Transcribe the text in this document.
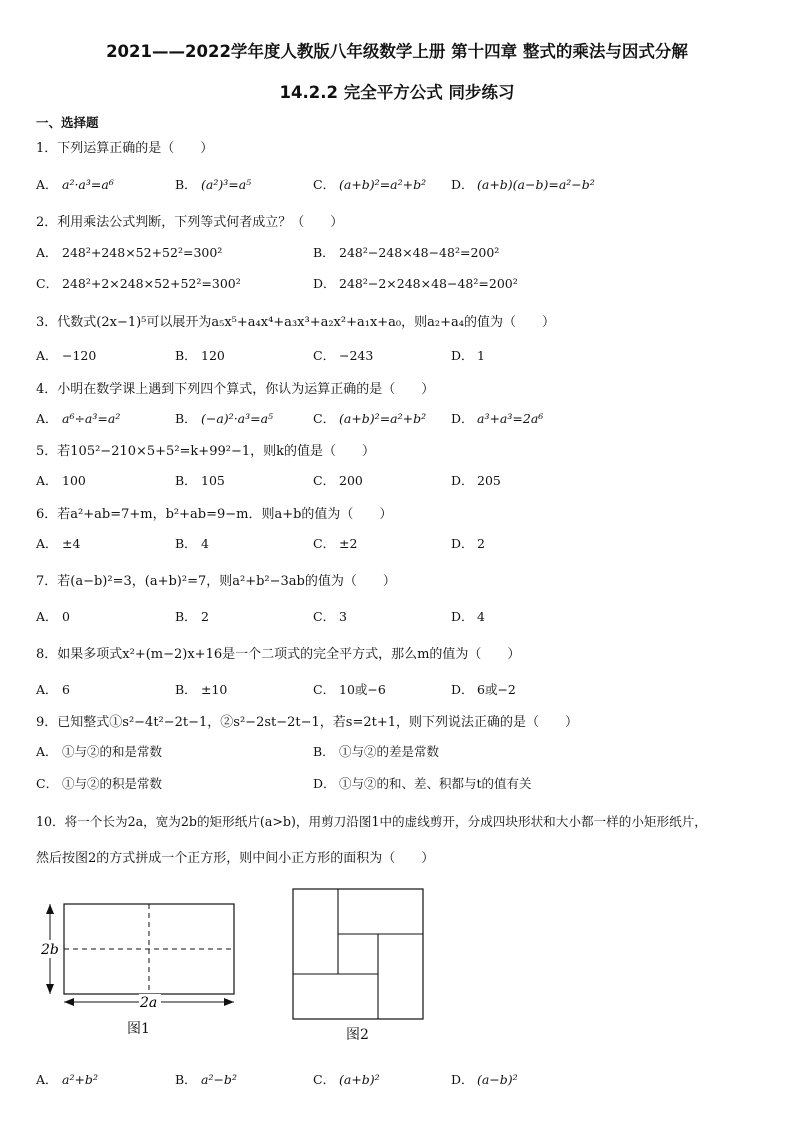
2021——2022学年度人教版八年级数学上册 第十四章 整式的乘法与因式分解
14.2.2 完全平方公式 同步练习
一、选择题
1．下列运算正确的是（　　）
A． a²·a³=a⁶	B． (a²)³=a⁵	C． (a+b)²=a²+b² D． (a+b)(a−b)=a²−b²
2．利用乘法公式判断，下列等式何者成立？（　　）
A． 248²+248×52+52²=300²	B． 248²−248×48−48²=200²
C． 248²+2×248×52+52²=300²	D． 248²−2×248×48−48²=200²
3．代数式(2x−1)⁵可以展开为a₅x⁵+a₄x⁴+a₃x³+a₂x²+a₁x+a₀，则a₂+a₄的值为（　　）
A． −120	B． 120	C． −243	D． 1
4．小明在数学课上遇到下列四个算式，你认为运算正确的是（　　）
A． a⁶÷a³=a²	B． (−a)²·a³=a⁵	C． (a+b)²=a²+b² D． a³+a³=2a⁶
5．若105²−210×5+5²=k+99²−1，则k的值是（　　）
A． 100	B． 105	C． 200	D． 205
6．若a²+ab=7+m，b²+ab=9−m．则a+b的值为（　　）
A． ±4	B． 4	C． ±2	D． 2
7．若(a−b)²=3，(a+b)²=7，则a²+b²−3ab的值为（　　）
A． 0	B． 2	C． 3	D． 4
8．如果多项式x²+(m−2)x+16是一个二项式的完全平方式，那么m的值为（　　）
A． 6	B． ±10	C． 10或−6	D． 6或−2
9．已知整式①s²−4t²−2t−1，②s²−2st−2t−1，若s=2t+1，则下列说法正确的是（　　）
A． ①与②的和是常数	B． ①与②的差是常数
C． ①与②的积是常数	D． ①与②的和、差、积都与t的值有关
10．将一个长为2a，宽为2b的矩形纸片(a>b)，用剪刀沿图1中的虚线剪开，分成四块形状和大小都一样的小矩形纸片，
然后按图2的方式拼成一个正方形，则中间小正方形的面积为（　　）
2b
2a
图1	图2
A． a²+b²	B． a²−b²	C． (a+b)²	D． (a−b)²
